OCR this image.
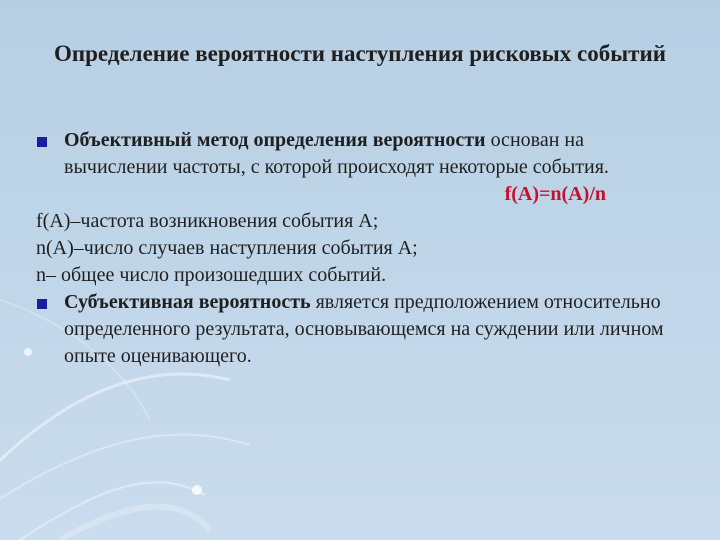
Определение вероятности наступления рисковых событий
Объективный метод определения вероятности основан на вычислении частоты, с которой происходят некоторые события.
f(A)=n(A)/n
f(A)–частота возникновения события А;
n(A)–число случаев наступления события А;
n– общее число произошедших событий.
Субъективная вероятность является предположением относительно определенного результата, основывающемся на суждении или личном опыте оценивающего.
